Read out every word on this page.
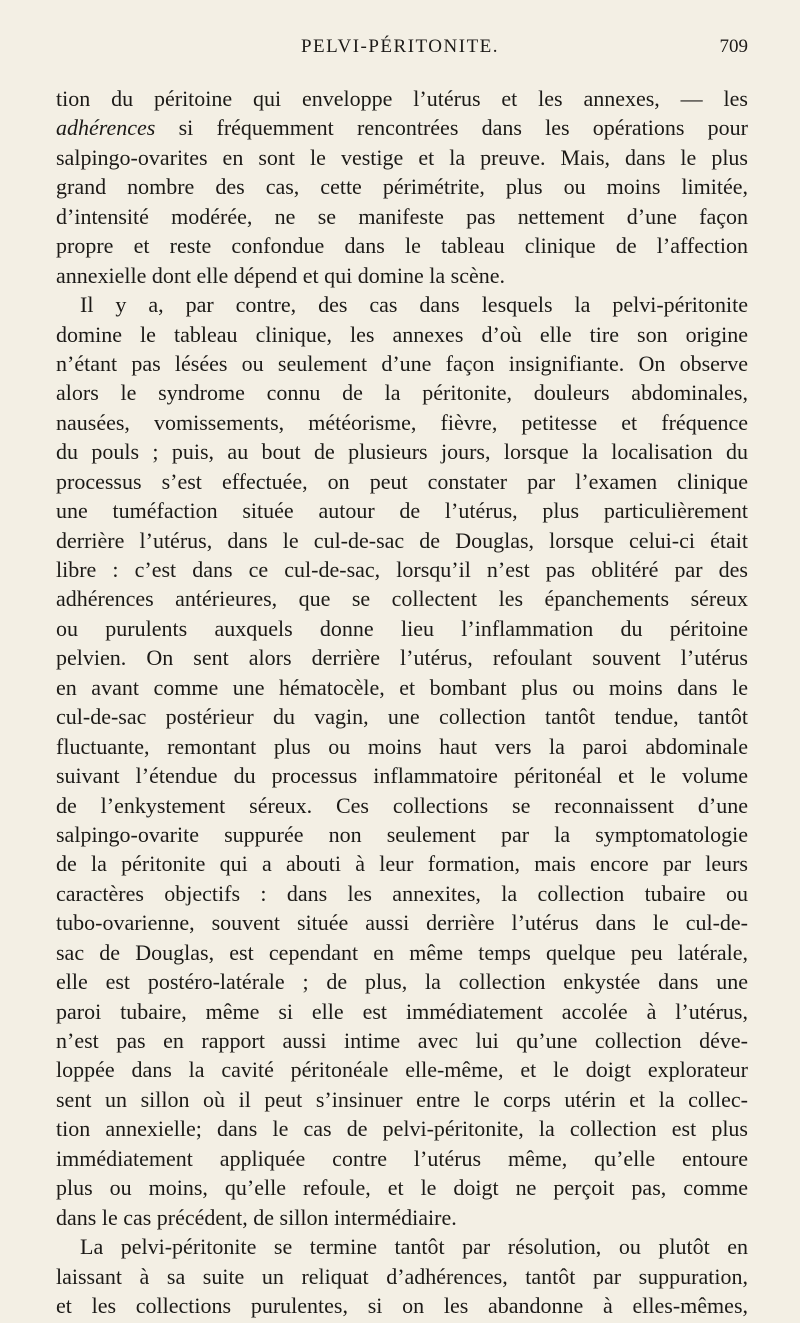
PELVI-PÉRITONITE.	709
tion du péritoine qui enveloppe l’utérus et les annexes, — les
adhérences si fréquemment rencontrées dans les opérations pour
salpingo-ovarites en sont le vestige et la preuve. Mais, dans le plus
grand nombre des cas, cette périmétrite, plus ou moins limitée,
d’intensité modérée, ne se manifeste pas nettement d’une façon
propre et reste confondue dans le tableau clinique de l’affection
annexielle dont elle dépend et qui domine la scène.
Il y a, par contre, des cas dans lesquels la pelvi-péritonite
domine le tableau clinique, les annexes d’où elle tire son origine
n’étant pas lésées ou seulement d’une façon insignifiante. On observe
alors le syndrome connu de la péritonite, douleurs abdominales,
nausées, vomissements, météorisme, fièvre, petitesse et fréquence
du pouls ; puis, au bout de plusieurs jours, lorsque la localisation du
processus s’est effectuée, on peut constater par l’examen clinique
une tuméfaction située autour de l’utérus, plus particulièrement
derrière l’utérus, dans le cul-de-sac de Douglas, lorsque celui-ci était
libre : c’est dans ce cul-de-sac, lorsqu’il n’est pas oblitéré par des
adhérences antérieures, que se collectent les épanchements séreux
ou purulents auxquels donne lieu l’inflammation du péritoine
pelvien. On sent alors derrière l’utérus, refoulant souvent l’utérus
en avant comme une hématocèle, et bombant plus ou moins dans le
cul-de-sac postérieur du vagin, une collection tantôt tendue, tantôt
fluctuante, remontant plus ou moins haut vers la paroi abdominale
suivant l’étendue du processus inflammatoire péritonéal et le volume
de l’enkystement séreux. Ces collections se reconnaissent d’une
salpingo-ovarite suppurée non seulement par la symptomatologie
de la péritonite qui a abouti à leur formation, mais encore par leurs
caractères objectifs : dans les annexites, la collection tubaire ou
tubo-ovarienne, souvent située aussi derrière l’utérus dans le cul-de-
sac de Douglas, est cependant en même temps quelque peu latérale,
elle est postéro-latérale ; de plus, la collection enkystée dans une
paroi tubaire, même si elle est immédiatement accolée à l’utérus,
n’est pas en rapport aussi intime avec lui qu’une collection déve-
loppée dans la cavité péritonéale elle-même, et le doigt explorateur
sent un sillon où il peut s’insinuer entre le corps utérin et la collec-
tion annexielle; dans le cas de pelvi-péritonite, la collection est plus
immédiatement appliquée contre l’utérus même, qu’elle entoure
plus ou moins, qu’elle refoule, et le doigt ne perçoit pas, comme
dans le cas précédent, de sillon intermédiaire.
La pelvi-péritonite se termine tantôt par résolution, ou plutôt en
laissant à sa suite un reliquat d’adhérences, tantôt par suppuration,
et les collections purulentes, si on les abandonne à elles-mêmes,
